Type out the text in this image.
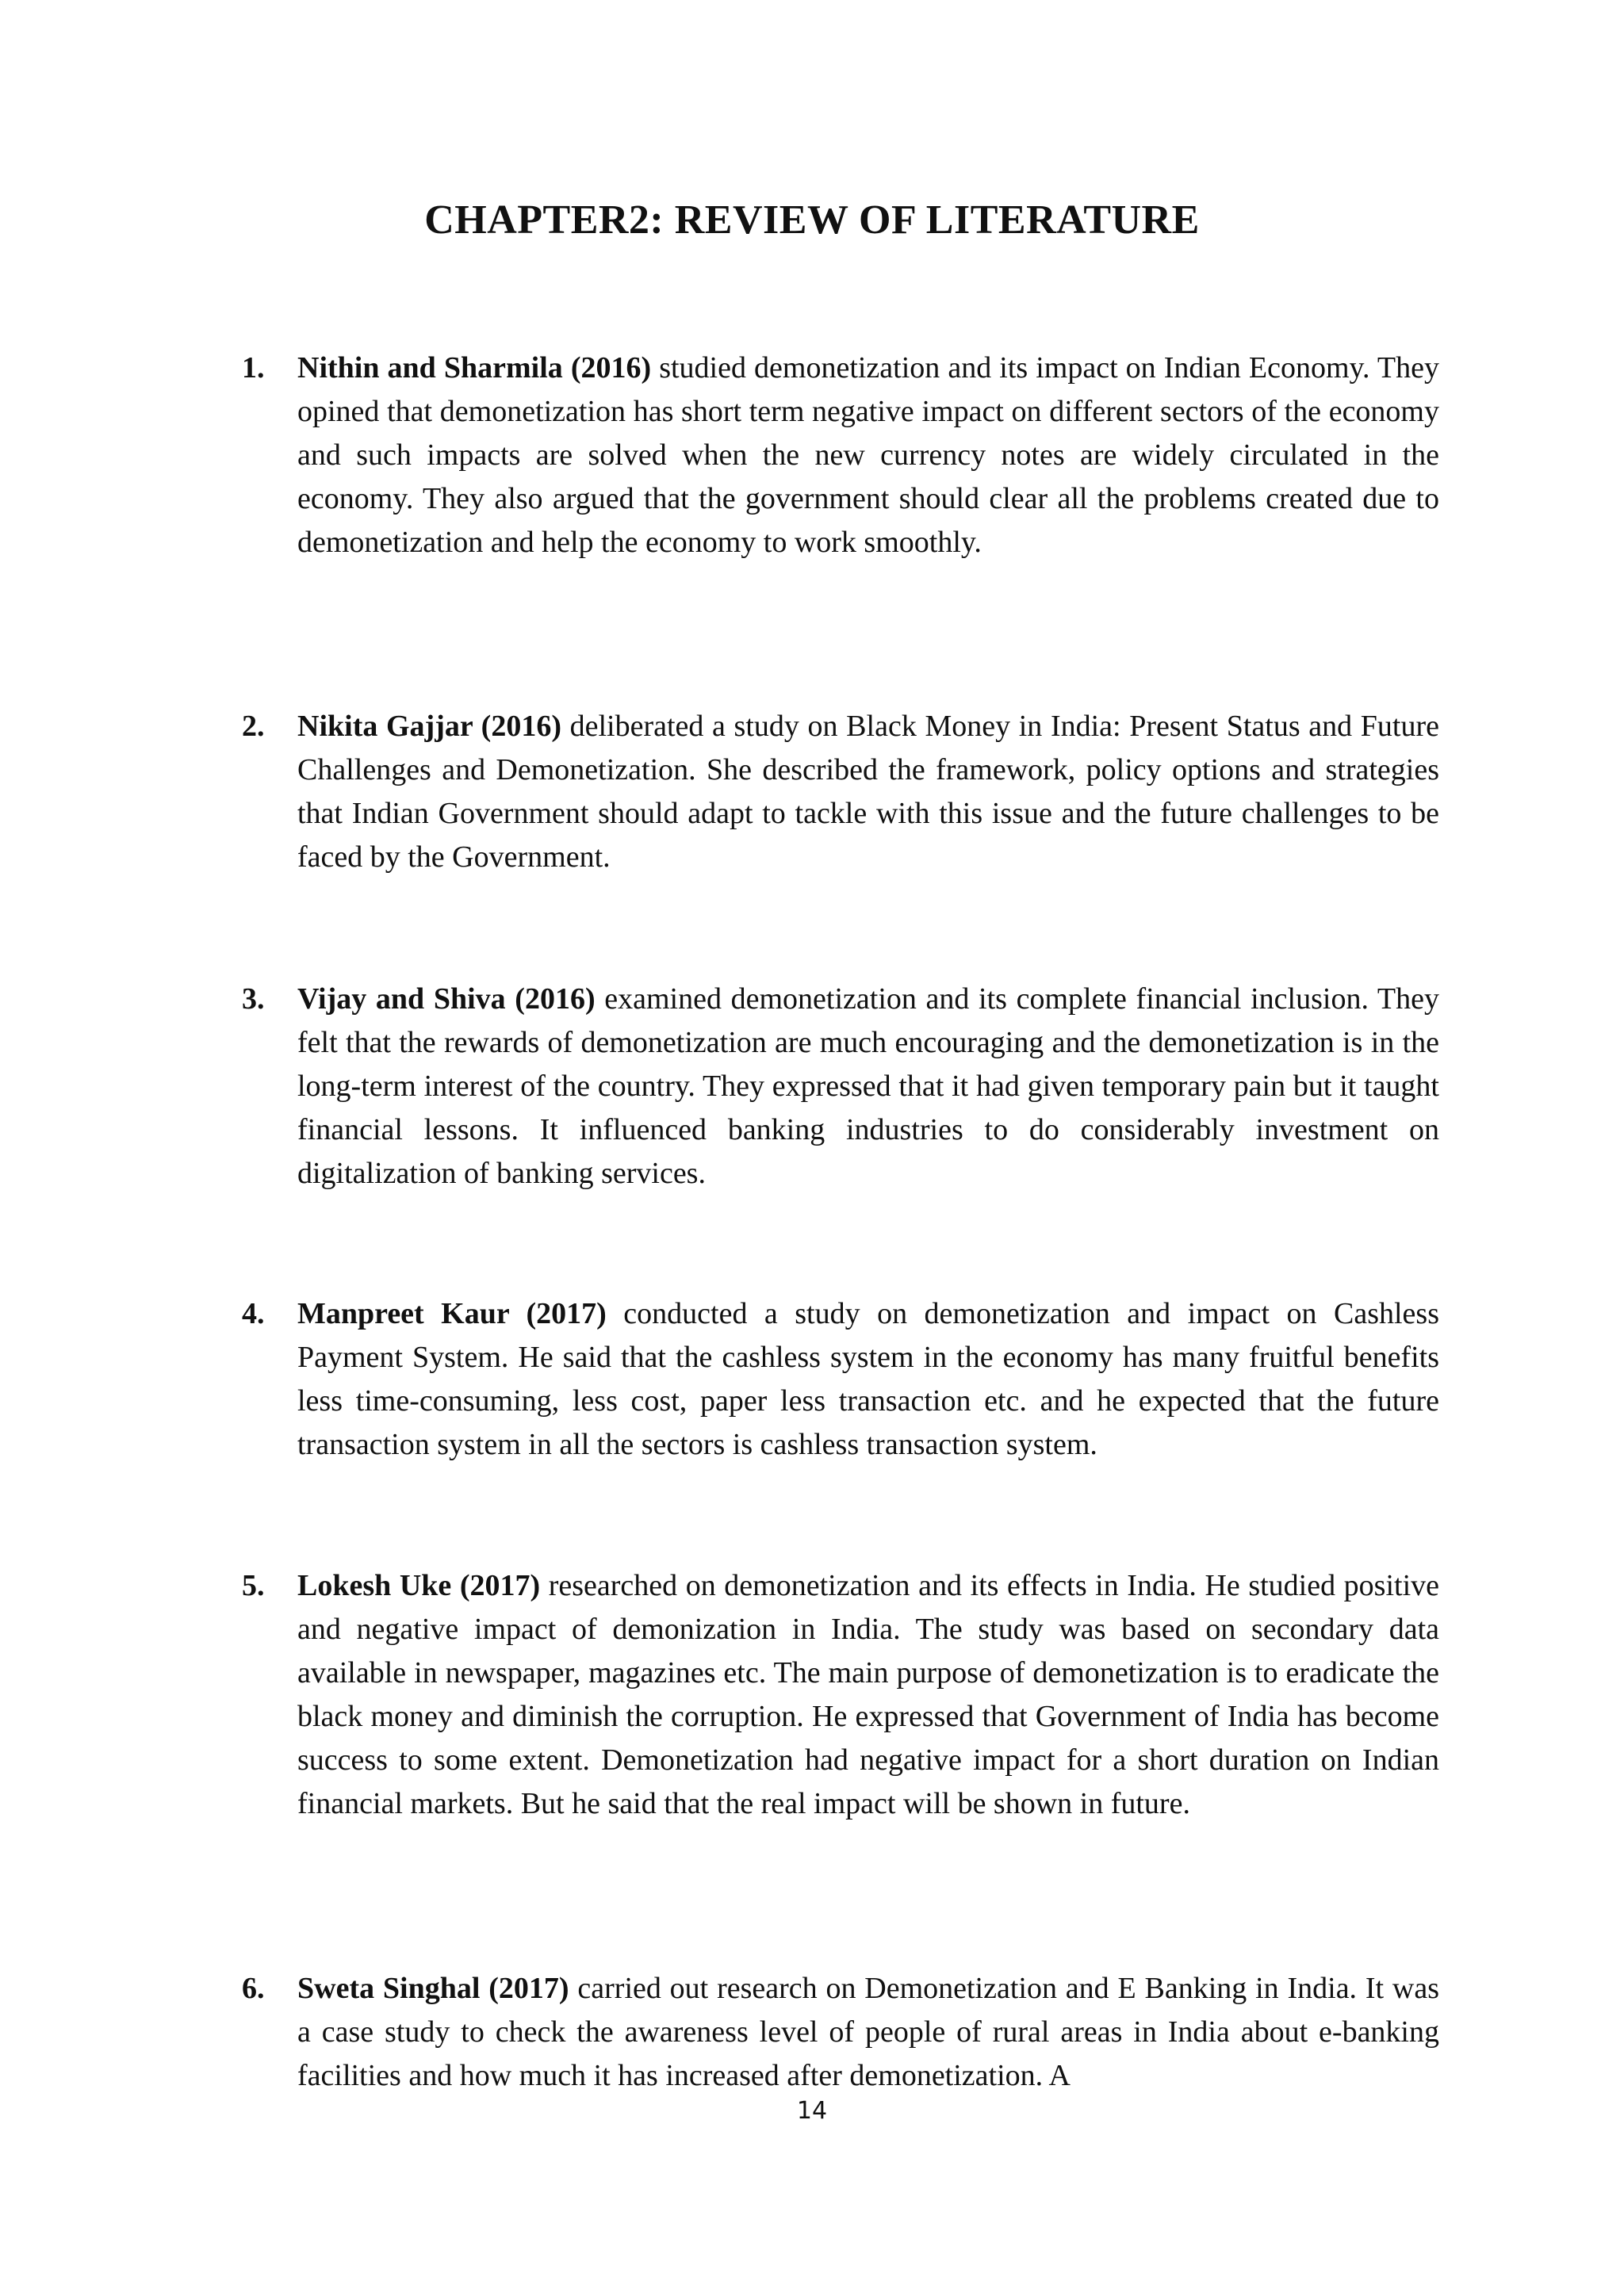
CHAPTER2: REVIEW OF LITERATURE
1.	Nithin and Sharmila (2016) studied demonetization and its impact on Indian Economy. They opined that demonetization has short term negative impact on different sectors of the economy and such impacts are solved when the new currency notes are widely circulated in the economy. They also argued that the government should clear all the problems created due to demonetization and help the economy to work smoothly.
2.	Nikita Gajjar (2016) deliberated a study on Black Money in India: Present Status and Future Challenges and Demonetization. She described the framework, policy options and strategies that Indian Government should adapt to tackle with this issue and the future challenges to be faced by the Government.
3.	Vijay and Shiva (2016) examined demonetization and its complete financial inclusion. They felt that the rewards of demonetization are much encouraging and the demonetization is in the long-term interest of the country. They expressed that it had given temporary pain but it taught financial lessons. It influenced banking industries to do considerably investment on digitalization of banking services.
4.	Manpreet Kaur (2017) conducted a study on demonetization and impact on Cashless Payment System. He said that the cashless system in the economy has many fruitful benefits less time-consuming, less cost, paper less transaction etc. and he expected that the future transaction system in all the sectors is cashless transaction system.
5.	Lokesh Uke (2017) researched on demonetization and its effects in India. He studied positive and negative impact of demonization in India. The study was based on secondary data available in newspaper, magazines etc. The main purpose of demonetization is to eradicate the black money and diminish the corruption. He expressed that Government of India has become success to some extent. Demonetization had negative impact for a short duration on Indian financial markets. But he said that the real impact will be shown in future.
6.	Sweta Singhal (2017) carried out research on Demonetization and E Banking in India. It was a case study to check the awareness level of people of rural areas in India about e-banking facilities and how much it has increased after demonetization. A
14
